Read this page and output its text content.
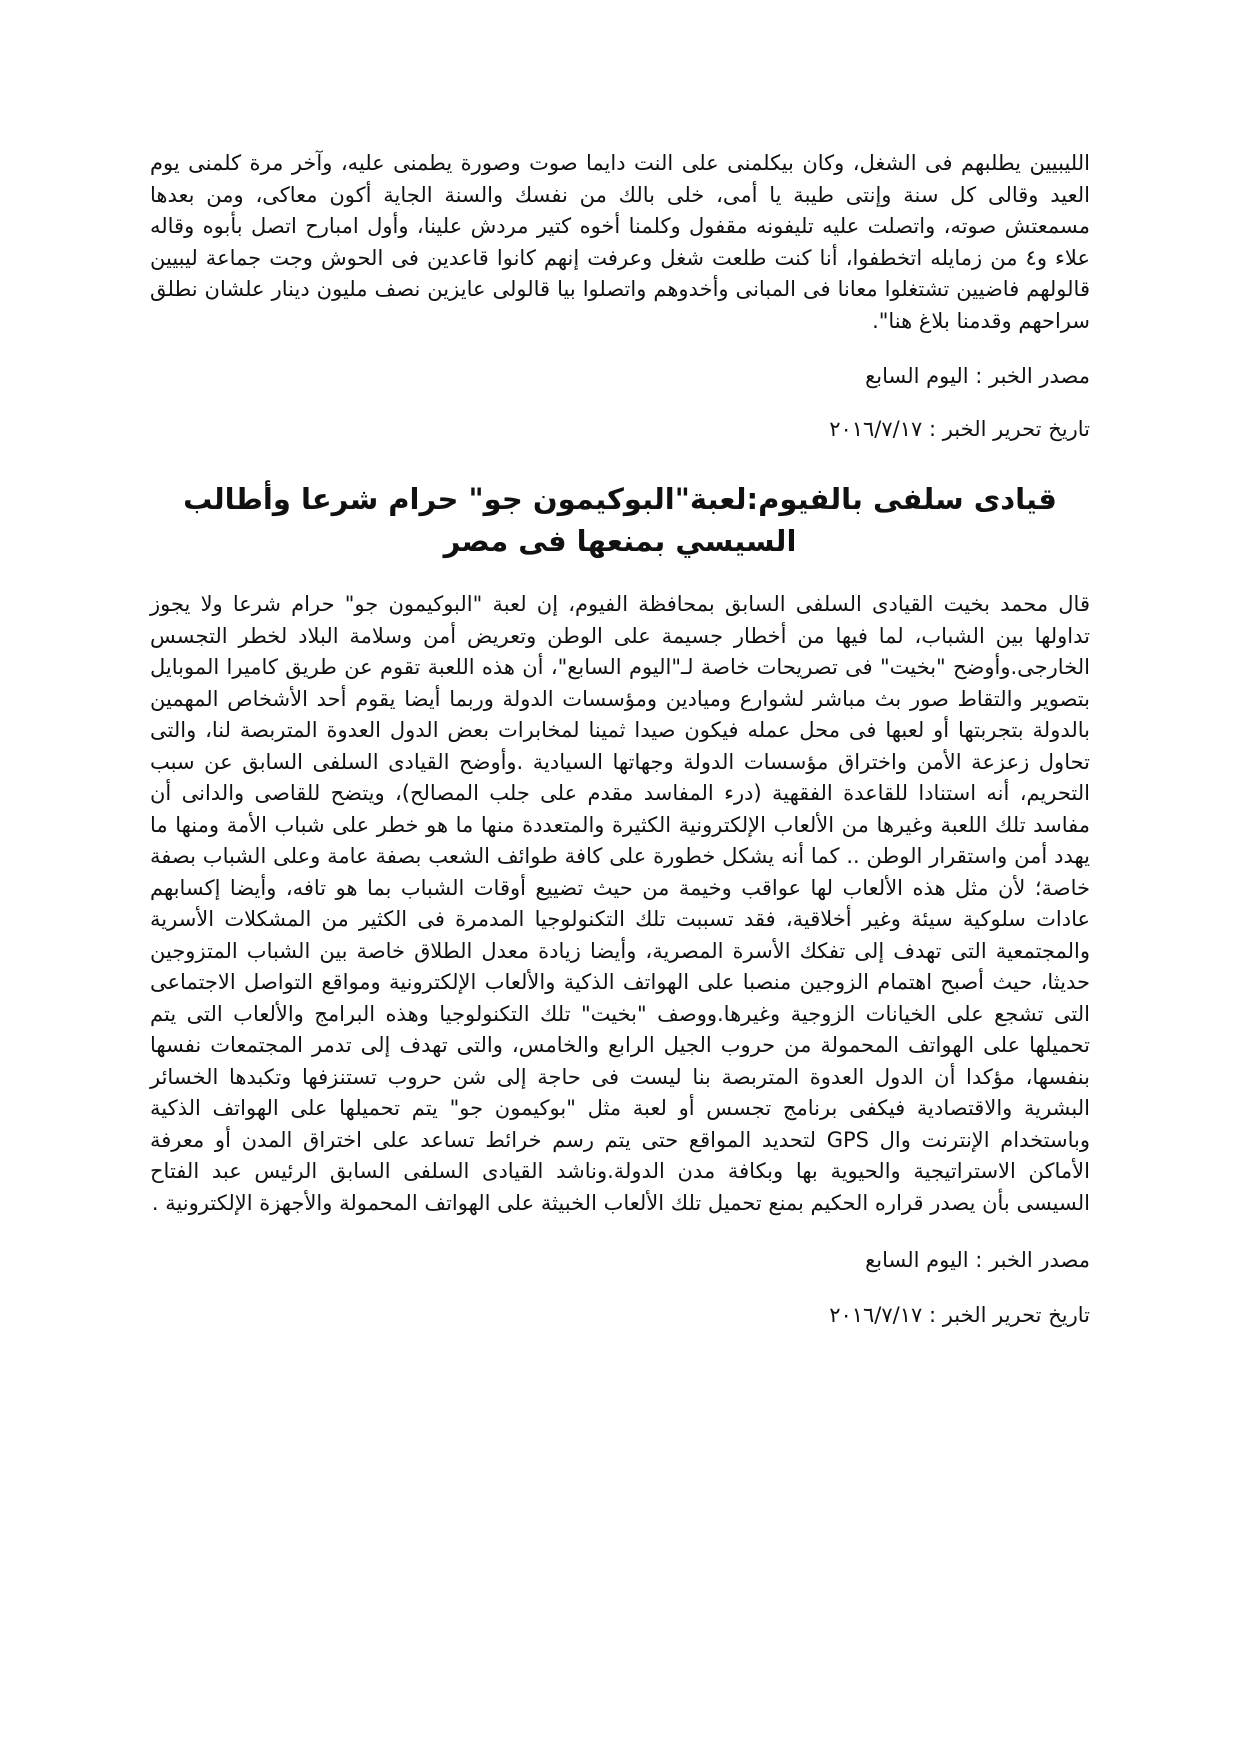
الليبيين يطلبهم فى الشغل، وكان بيكلمنى على النت دايما صوت وصورة يطمنى عليه، وآخر مرة كلمنى يوم العيد وقالى كل سنة وإنتى طيبة يا أمى، خلى بالك من نفسك والسنة الجاية أكون معاكى، ومن بعدها مسمعتش صوته، واتصلت عليه تليفونه مقفول وكلمنا أخوه كتير مردش علينا، وأول امبارح اتصل بأبوه وقاله علاء و٤ من زمايله اتخطفوا، أنا كنت طلعت شغل وعرفت إنهم كانوا قاعدين فى الحوش وجت جماعة ليبيين قالولهم فاضيين تشتغلوا معانا فى المبانى وأخدوهم واتصلوا بيا قالولى عايزين نصف مليون دينار علشان نطلق سراحهم وقدمنا بلاغ هنا".

مصدر الخبر : اليوم السابع

تاريخ تحرير الخبر : ٢٠١٦/٧/١٧

قيادى سلفى بالفيوم:لعبة"البوكيمون جو" حرام شرعا وأطالب السيسي بمنعها فى مصر

قال محمد بخيت القيادى السلفى السابق بمحافظة الفيوم، إن لعبة "البوكيمون جو" حرام شرعا ولا يجوز تداولها بين الشباب، لما فيها من أخطار جسيمة على الوطن وتعريض أمن وسلامة البلاد لخطر التجسس الخارجى.وأوضح "بخيت" فى تصريحات خاصة لـ"اليوم السابع"، أن هذه اللعبة تقوم عن طريق كاميرا الموبايل بتصوير والتقاط صور بث مباشر لشوارع وميادين ومؤسسات الدولة وربما أيضا يقوم أحد الأشخاص المهمين بالدولة بتجربتها أو لعبها فى محل عمله فيكون صيدا ثمينا لمخابرات بعض الدول العدوة المتربصة لنا، والتى تحاول زعزعة الأمن واختراق مؤسسات الدولة وجهاتها السيادية .وأوضح القيادى السلفى السابق عن سبب التحريم، أنه استنادا للقاعدة الفقهية (درء المفاسد مقدم على جلب المصالح)، ويتضح للقاصى والدانى أن مفاسد تلك اللعبة وغيرها من الألعاب الإلكترونية الكثيرة والمتعددة منها ما هو خطر على شباب الأمة ومنها ما يهدد أمن واستقرار الوطن .. كما أنه يشكل خطورة على كافة طوائف الشعب بصفة عامة وعلى الشباب بصفة خاصة؛ لأن مثل هذه الألعاب لها عواقب وخيمة من حيث تضييع أوقات الشباب بما هو تافه، وأيضا إكسابهم عادات سلوكية سيئة وغير أخلاقية، فقد تسببت تلك التكنولوجيا المدمرة فى الكثير من المشكلات الأسرية والمجتمعية التى تهدف إلى تفكك الأسرة المصرية، وأيضا زيادة معدل الطلاق خاصة بين الشباب المتزوجين حديثا، حيث أصبح اهتمام الزوجين منصبا على الهواتف الذكية والألعاب الإلكترونية ومواقع التواصل الاجتماعى التى تشجع على الخيانات الزوجية وغيرها.ووصف "بخيت" تلك التكنولوجيا وهذه البرامج والألعاب التى يتم تحميلها على الهواتف المحمولة من حروب الجيل الرابع والخامس، والتى تهدف إلى تدمر المجتمعات نفسها بنفسها، مؤكدا أن الدول العدوة المتربصة بنا ليست فى حاجة إلى شن حروب تستنزفها وتكبدها الخسائر البشرية والاقتصادية فيكفى برنامج تجسس أو لعبة مثل "بوكيمون جو" يتم تحميلها على الهواتف الذكية وباستخدام الإنترنت وال GPS لتحديد المواقع حتى يتم رسم خرائط تساعد على اختراق المدن أو معرفة الأماكن الاستراتيجية والحيوية بها وبكافة مدن الدولة.وناشد القيادى السلفى السابق الرئيس عبد الفتاح السيسى بأن يصدر قراره الحكيم بمنع تحميل تلك الألعاب الخبيثة على الهواتف المحمولة والأجهزة الإلكترونية .

مصدر الخبر : اليوم السابع

تاريخ تحرير الخبر : ٢٠١٦/٧/١٧
